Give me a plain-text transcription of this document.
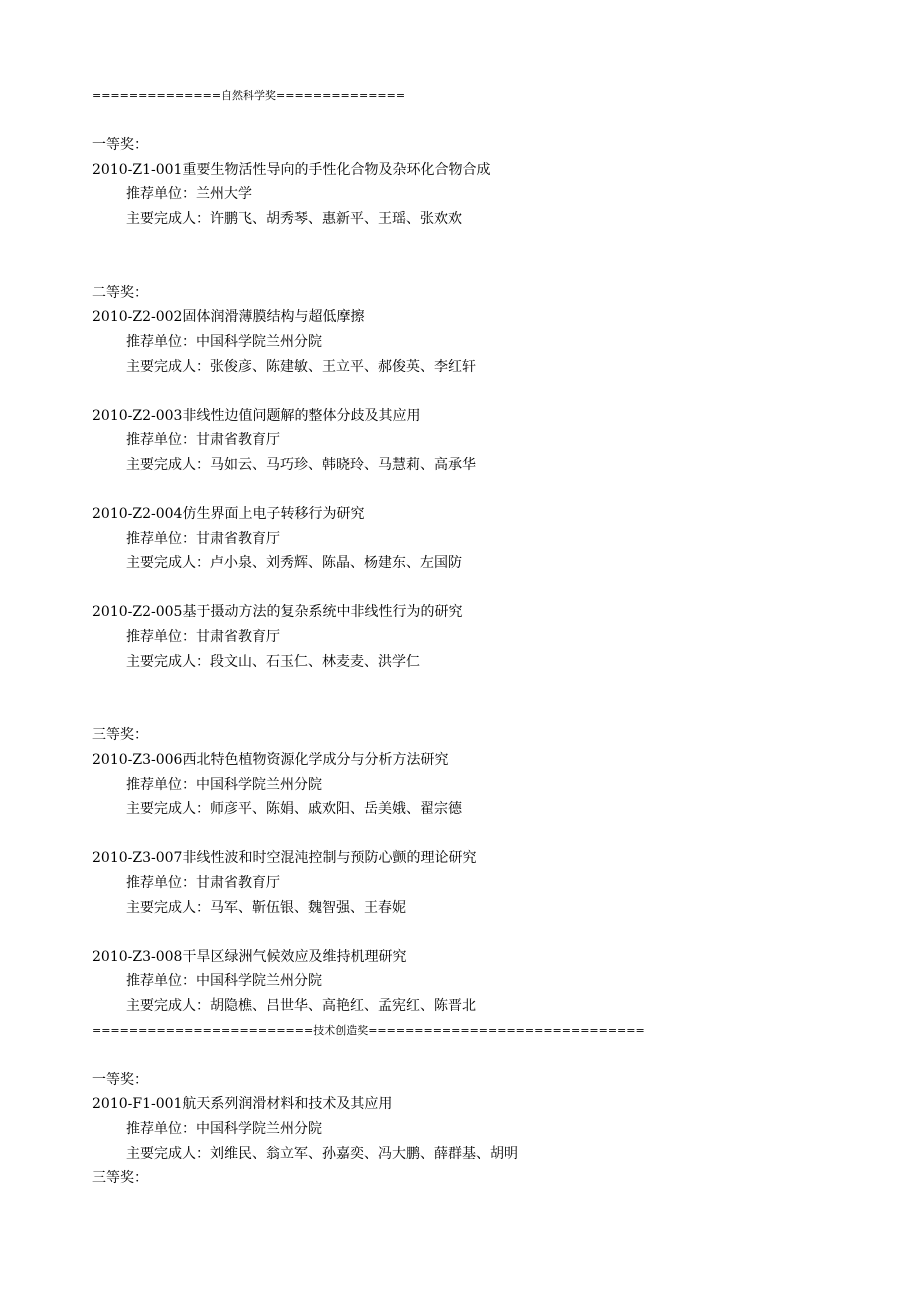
==============自然科学奖==============
一等奖：
2010-Z1-001重要生物活性导向的手性化合物及杂环化合物合成
推荐单位：兰州大学
主要完成人：许鹏飞、胡秀琴、惠新平、王瑶、张欢欢
二等奖：
2010-Z2-002固体润滑薄膜结构与超低摩擦
推荐单位：中国科学院兰州分院
主要完成人：张俊彦、陈建敏、王立平、郝俊英、李红轩
2010-Z2-003非线性边值问题解的整体分歧及其应用
推荐单位：甘肃省教育厅
主要完成人：马如云、马巧珍、韩晓玲、马慧莉、高承华
2010-Z2-004仿生界面上电子转移行为研究
推荐单位：甘肃省教育厅
主要完成人：卢小泉、刘秀辉、陈晶、杨建东、左国防
2010-Z2-005基于摄动方法的复杂系统中非线性行为的研究
推荐单位：甘肃省教育厅
主要完成人：段文山、石玉仁、林麦麦、洪学仁
三等奖：
2010-Z3-006西北特色植物资源化学成分与分析方法研究
推荐单位：中国科学院兰州分院
主要完成人：师彦平、陈娟、戚欢阳、岳美娥、翟宗德
2010-Z3-007非线性波和时空混沌控制与预防心颤的理论研究
推荐单位：甘肃省教育厅
主要完成人：马军、靳伍银、魏智强、王春妮
2010-Z3-008干旱区绿洲气候效应及维持机理研究
推荐单位：中国科学院兰州分院
主要完成人：胡隐樵、吕世华、高艳红、孟宪红、陈晋北
========================技术创造奖==============================
一等奖：
2010-F1-001航天系列润滑材料和技术及其应用
推荐单位：中国科学院兰州分院
主要完成人：刘维民、翁立军、孙嘉奕、冯大鹏、薛群基、胡明
三等奖：
